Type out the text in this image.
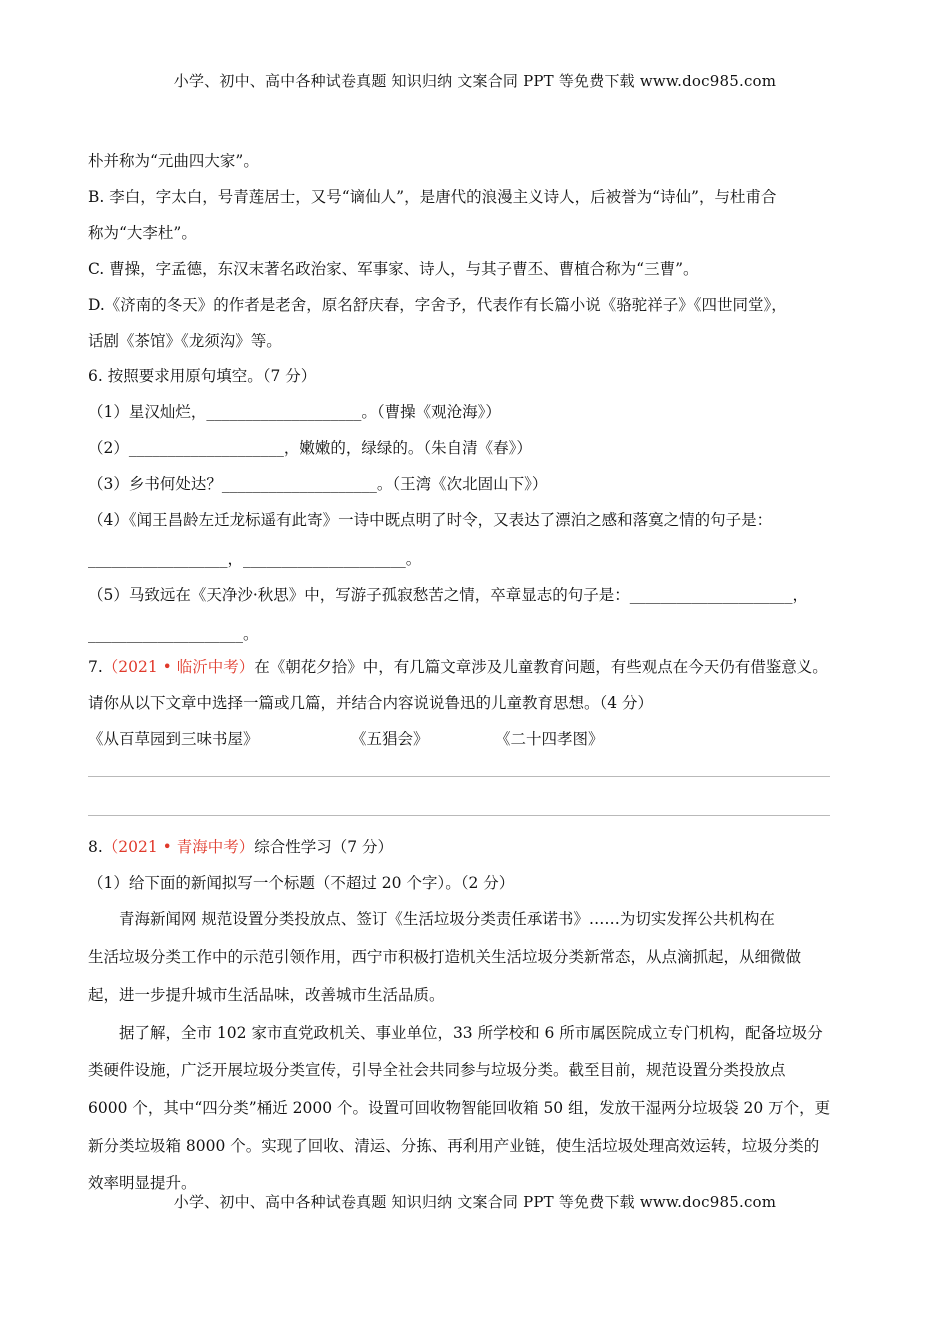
小学、初中、高中各种试卷真题 知识归纳 文案合同 PPT 等免费下载 www.doc985.com
朴并称为“元曲四大家”。
B. 李白，字太白，号青莲居士，又号“谪仙人”，是唐代的浪漫主义诗人，后被誉为“诗仙”，与杜甫合
称为“大李杜”。
C. 曹操，字孟德，东汉末著名政治家、军事家、诗人，与其子曹丕、曹植合称为“三曹”。
D.《济南的冬天》的作者是老舍，原名舒庆春，字舍予，代表作有长篇小说《骆驼祥子》《四世同堂》，
话剧《茶馆》《龙须沟》等。
6. 按照要求用原句填空。（7 分）
（1）星汉灿烂，____________________。（曹操《观沧海》）
（2）____________________，嫩嫩的，绿绿的。（朱自清《春》）
（3）乡书何处达？____________________。（王湾《次北固山下》）
（4）《闻王昌龄左迁龙标遥有此寄》一诗中既点明了时令，又表达了漂泊之感和落寞之情的句子是：
__________________，_____________________。
（5）马致远在《天净沙·秋思》中，写游子孤寂愁苦之情，卒章显志的句子是：_____________________，
____________________。
7.（2021 • 临沂中考）在《朝花夕拾》中，有几篇文章涉及儿童教育问题，有些观点在今天仍有借鉴意义。
请你从以下文章中选择一篇或几篇，并结合内容说说鲁迅的儿童教育思想。（4 分）
《从百草园到三味书屋》	《五猖会》	《二十四孝图》
8.（2021 • 青海中考）综合性学习（7 分）
（1）给下面的新闻拟写一个标题（不超过 20 个字）。（2 分）
青海新闻网 规范设置分类投放点、签订《生活垃圾分类责任承诺书》……为切实发挥公共机构在
生活垃圾分类工作中的示范引领作用，西宁市积极打造机关生活垃圾分类新常态，从点滴抓起，从细微做
起，进一步提升城市生活品味，改善城市生活品质。
据了解，全市 102 家市直党政机关、事业单位，33 所学校和 6 所市属医院成立专门机构，配备垃圾分
类硬件设施，广泛开展垃圾分类宣传，引导全社会共同参与垃圾分类。截至目前，规范设置分类投放点
6000 个，其中“四分类”桶近 2000 个。设置可回收物智能回收箱 50 组，发放干湿两分垃圾袋 20 万个，更
新分类垃圾箱 8000 个。实现了回收、清运、分拣、再利用产业链，使生活垃圾处理高效运转，垃圾分类的
效率明显提升。
小学、初中、高中各种试卷真题 知识归纳 文案合同 PPT 等免费下载 www.doc985.com
